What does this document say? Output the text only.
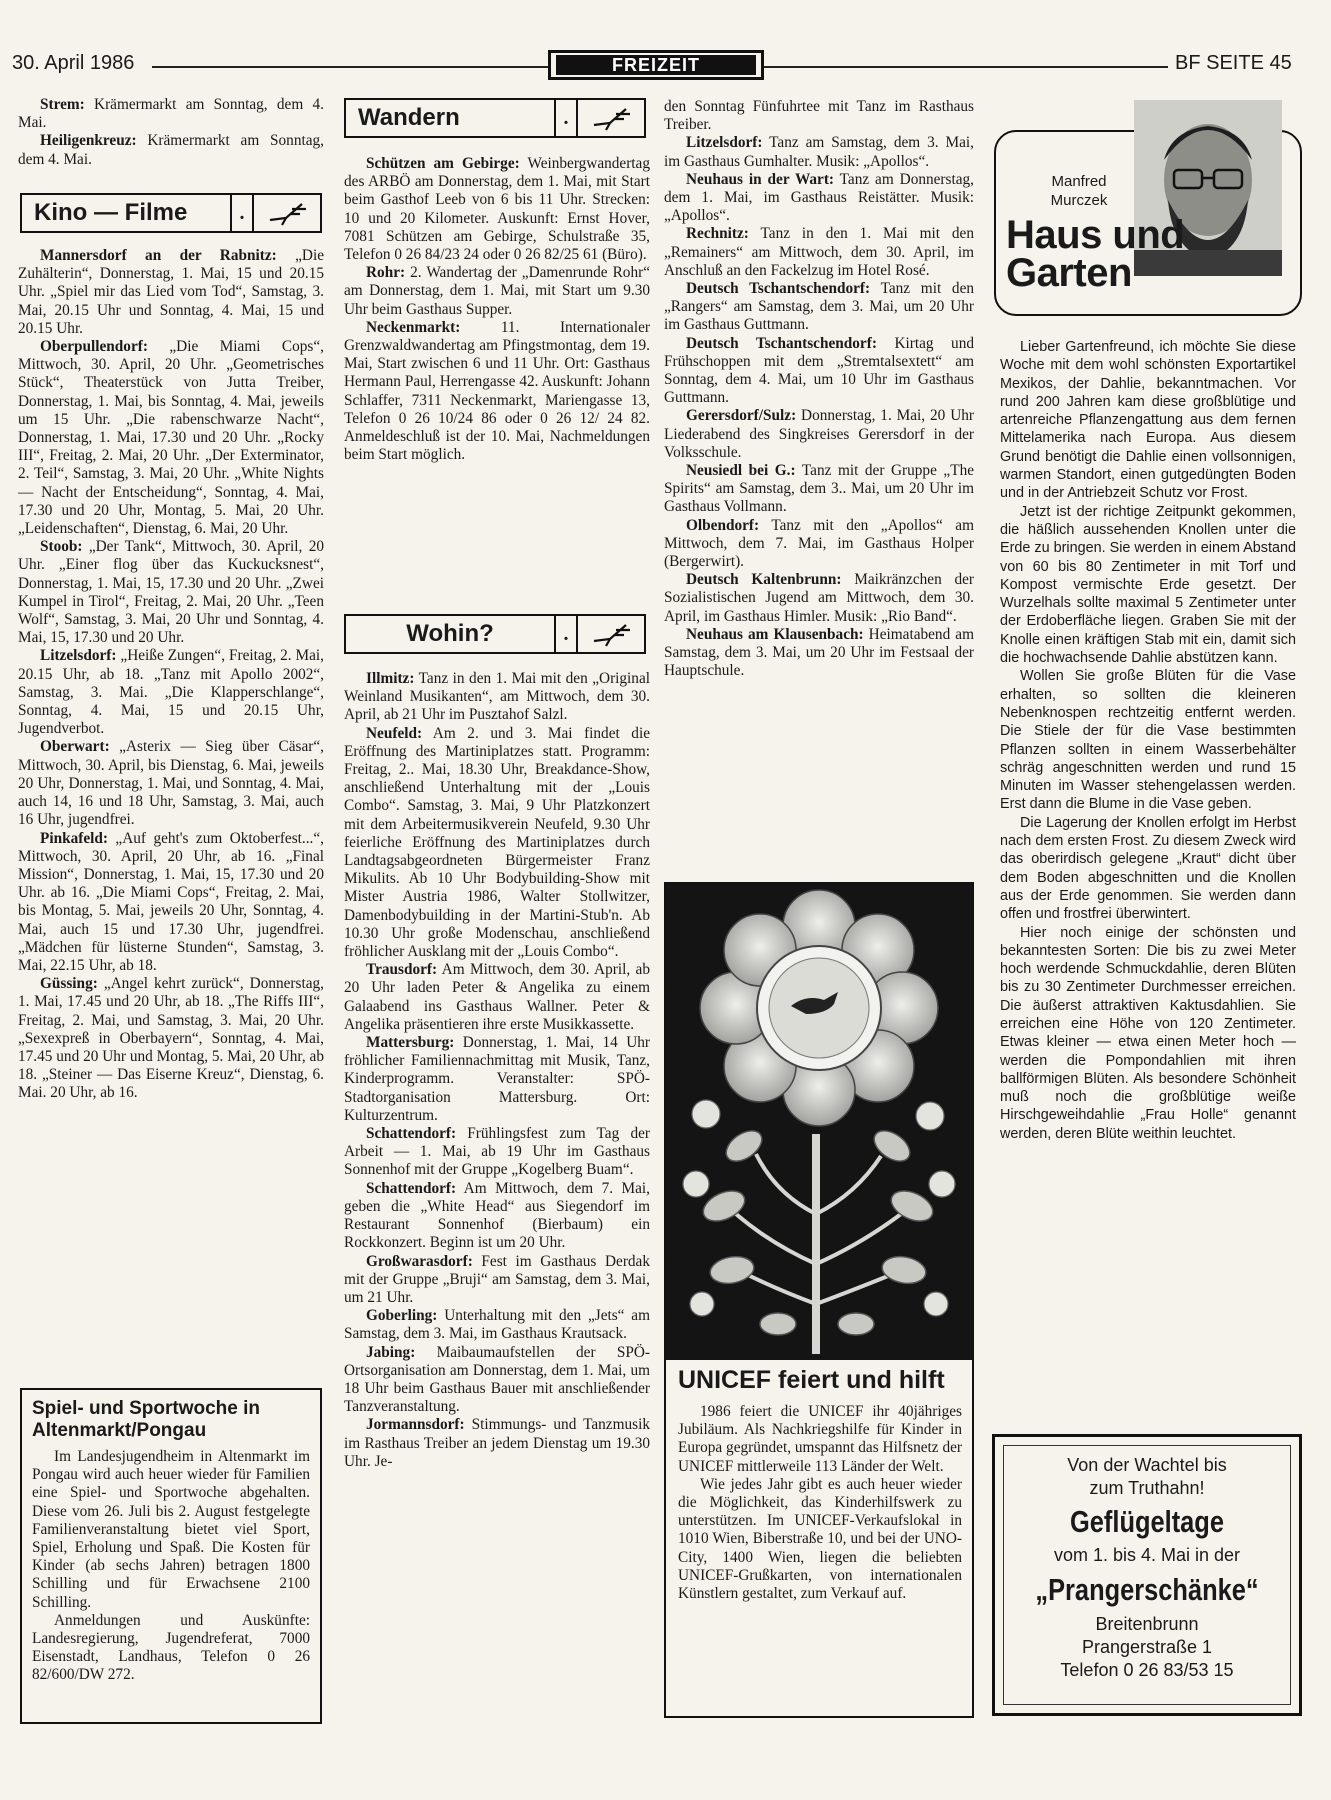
30. April 1986	FREIZEIT	BF SEITE 45

Strem: Krämermarkt am Sonntag, dem 4. Mai.

Heiligenkreuz: Krämermarkt am Sonntag, dem 4. Mai.

Kino — Filme	.

Mannersdorf an der Rabnitz: „Die Zuhälterin“, Donnerstag, 1. Mai, 15 und 20.15 Uhr. „Spiel mir das Lied vom Tod“, Samstag, 3. Mai, 20.15 Uhr und Sonntag, 4. Mai, 15 und 20.15 Uhr.

Oberpullendorf: „Die Miami Cops“, Mittwoch, 30. April, 20 Uhr. „Geometrisches Stück“, Theaterstück von Jutta Treiber, Donnerstag, 1. Mai, bis Sonntag, 4. Mai, jeweils um 15 Uhr. „Die rabenschwarze Nacht“, Donnerstag, 1. Mai, 17.30 und 20 Uhr. „Rocky III“, Freitag, 2. Mai, 20 Uhr. „Der Exterminator, 2. Teil“, Samstag, 3. Mai, 20 Uhr. „White Nights — Nacht der Entscheidung“, Sonntag, 4. Mai, 17.30 und 20 Uhr, Montag, 5. Mai, 20 Uhr. „Leidenschaften“, Dienstag, 6. Mai, 20 Uhr.

Stoob: „Der Tank“, Mittwoch, 30. April, 20 Uhr. „Einer flog über das Kuckucksnest“, Donnerstag, 1. Mai, 15, 17.30 und 20 Uhr. „Zwei Kumpel in Tirol“, Freitag, 2. Mai, 20 Uhr. „Teen Wolf“, Samstag, 3. Mai, 20 Uhr und Sonntag, 4. Mai, 15, 17.30 und 20 Uhr.

Litzelsdorf: „Heiße Zungen“, Freitag, 2. Mai, 20.15 Uhr, ab 18. „Tanz mit Apollo 2002“, Samstag, 3. Mai. „Die Klapperschlange“, Sonntag, 4. Mai, 15 und 20.15 Uhr, Jugendverbot.

Oberwart: „Asterix — Sieg über Cäsar“, Mittwoch, 30. April, bis Dienstag, 6. Mai, jeweils 20 Uhr, Donnerstag, 1. Mai, und Sonntag, 4. Mai, auch 14, 16 und 18 Uhr, Samstag, 3. Mai, auch 16 Uhr, jugendfrei.

Pinkafeld: „Auf geht's zum Oktoberfest...“, Mittwoch, 30. April, 20 Uhr, ab 16. „Final Mission“, Donnerstag, 1. Mai, 15, 17.30 und 20 Uhr. ab 16. „Die Miami Cops“, Freitag, 2. Mai, bis Montag, 5. Mai, jeweils 20 Uhr, Sonntag, 4. Mai, auch 15 und 17.30 Uhr, jugendfrei. „Mädchen für lüsterne Stunden“, Samstag, 3. Mai, 22.15 Uhr, ab 18.

Güssing: „Angel kehrt zurück“, Donnerstag, 1. Mai, 17.45 und 20 Uhr, ab 18. „The Riffs III“, Freitag, 2. Mai, und Samstag, 3. Mai, 20 Uhr. „Sexexpreß in Oberbayern“, Sonntag, 4. Mai, 17.45 und 20 Uhr und Montag, 5. Mai, 20 Uhr, ab 18. „Steiner — Das Eiserne Kreuz“, Dienstag, 6. Mai. 20 Uhr, ab 16.

Spiel- und Sportwoche in Altenmarkt/Pongau

Im Landesjugendheim in Altenmarkt im Pongau wird auch heuer wieder für Familien eine Spiel- und Sportwoche abgehalten. Diese vom 26. Juli bis 2. August festgelegte Familienveranstaltung bietet viel Sport, Spiel, Erholung und Spaß. Die Kosten für Kinder (ab sechs Jahren) betragen 1800 Schilling und für Erwachsene 2100 Schilling.

Anmeldungen und Auskünfte: Landesregierung, Jugendreferat, 7000 Eisenstadt, Landhaus, Telefon 0 26 82/600/DW 272.

Wandern	.

Schützen am Gebirge: Weinbergwandertag des ARBÖ am Donnerstag, dem 1. Mai, mit Start beim Gasthof Leeb von 6 bis 11 Uhr. Strecken: 10 und 20 Kilometer. Auskunft: Ernst Hover, 7081 Schützen am Gebirge, Schulstraße 35, Telefon 0 26 84/23 24 oder 0 26 82/25 61 (Büro).

Rohr: 2. Wandertag der „Damenrunde Rohr“ am Donnerstag, dem 1. Mai, mit Start um 9.30 Uhr beim Gasthaus Supper.

Neckenmarkt: 11. Internationaler Grenzwaldwandertag am Pfingstmontag, dem 19. Mai, Start zwischen 6 und 11 Uhr. Ort: Gasthaus Hermann Paul, Herrengasse 42. Auskunft: Johann Schlaffer, 7311 Neckenmarkt, Mariengasse 13, Telefon 0 26 10/24 86 oder 0 26 12/ 24 82. Anmeldeschluß ist der 10. Mai, Nachmeldungen beim Start möglich.

Wohin?	.

Illmitz: Tanz in den 1. Mai mit den „Original Weinland Musikanten“, am Mittwoch, dem 30. April, ab 21 Uhr im Pusztahof Salzl.

Neufeld: Am 2. und 3. Mai findet die Eröffnung des Martiniplatzes statt. Programm: Freitag, 2.. Mai, 18.30 Uhr, Breakdance-Show, anschließend Unterhaltung mit der „Louis Combo“. Samstag, 3. Mai, 9 Uhr Platzkonzert mit dem Arbeitermusikverein Neufeld, 9.30 Uhr feierliche Eröffnung des Martiniplatzes durch Landtagsabgeordneten Bürgermeister Franz Mikulits. Ab 10 Uhr Bodybuilding-Show mit Mister Austria 1986, Walter Stollwitzer, Damenbodybuilding in der Martini-Stub'n. Ab 10.30 Uhr große Modenschau, anschließend fröhlicher Ausklang mit der „Louis Combo“.

Trausdorf: Am Mittwoch, dem 30. April, ab 20 Uhr laden Peter & Angelika zu einem Galaabend ins Gasthaus Wallner. Peter & Angelika präsentieren ihre erste Musikkassette.

Mattersburg: Donnerstag, 1. Mai, 14 Uhr fröhlicher Familiennachmittag mit Musik, Tanz, Kinderprogramm. Veranstalter: SPÖ-Stadtorganisation Mattersburg. Ort: Kulturzentrum.

Schattendorf: Frühlingsfest zum Tag der Arbeit — 1. Mai, ab 19 Uhr im Gasthaus Sonnenhof mit der Gruppe „Kogelberg Buam“.

Schattendorf: Am Mittwoch, dem 7. Mai, geben die „White Head“ aus Siegendorf im Restaurant Sonnenhof (Bierbaum) ein Rockkonzert. Beginn ist um 20 Uhr.

Großwarasdorf: Fest im Gasthaus Derdak mit der Gruppe „Bruji“ am Samstag, dem 3. Mai, um 21 Uhr.

Goberling: Unterhaltung mit den „Jets“ am Samstag, dem 3. Mai, im Gasthaus Krautsack.

Jabing: Maibaumaufstellen der SPÖ-Ortsorganisation am Donnerstag, dem 1. Mai, um 18 Uhr beim Gasthaus Bauer mit anschließender Tanzveranstaltung.

Jormannsdorf: Stimmungs- und Tanzmusik im Rasthaus Treiber an jedem Dienstag um 19.30 Uhr. Je-

den Sonntag Fünfuhrtee mit Tanz im Rasthaus Treiber.

Litzelsdorf: Tanz am Samstag, dem 3. Mai, im Gasthaus Gumhalter. Musik: „Apollos“.

Neuhaus in der Wart: Tanz am Donnerstag, dem 1. Mai, im Gasthaus Reistätter. Musik: „Apollos“.

Rechnitz: Tanz in den 1. Mai mit den „Remainers“ am Mittwoch, dem 30. April, im Anschluß an den Fackelzug im Hotel Rosé.

Deutsch Tschantschendorf: Tanz mit den „Rangers“ am Samstag, dem 3. Mai, um 20 Uhr im Gasthaus Guttmann.

Deutsch Tschantschendorf: Kirtag und Frühschoppen mit dem „Stremtalsextett“ am Sonntag, dem 4. Mai, um 10 Uhr im Gasthaus Guttmann.

Gerersdorf/Sulz: Donnerstag, 1. Mai, 20 Uhr Liederabend des Singkreises Gerersdorf in der Volksschule.

Neusiedl bei G.: Tanz mit der Gruppe „The Spirits“ am Samstag, dem 3.. Mai, um 20 Uhr im Gasthaus Vollmann.

Olbendorf: Tanz mit den „Apollos“ am Mittwoch, dem 7. Mai, im Gasthaus Holper (Bergerwirt).

Deutsch Kaltenbrunn: Maikränzchen der Sozialistischen Jugend am Mittwoch, dem 30. April, im Gasthaus Himler. Musik: „Rio Band“.

Neuhaus am Klausenbach: Heimatabend am Samstag, dem 3. Mai, um 20 Uhr im Festsaal der Hauptschule.

UNICEF feiert und hilft

1986 feiert die UNICEF ihr 40jähriges Jubiläum. Als Nachkriegshilfe für Kinder in Europa gegründet, umspannt das Hilfsnetz der UNICEF mittlerweile 113 Länder der Welt.

Wie jedes Jahr gibt es auch heuer wieder die Möglichkeit, das Kinderhilfswerk zu unterstützen. Im UNICEF-Verkaufslokal in 1010 Wien, Biberstraße 10, und bei der UNO-City, 1400 Wien, liegen die beliebten UNICEF-Grußkarten, von internationalen Künstlern gestaltet, zum Verkauf auf.

Manfred Murczek
Haus und Garten

Lieber Gartenfreund, ich möchte Sie diese Woche mit dem wohl schönsten Exportartikel Mexikos, der Dahlie, bekanntmachen. Vor rund 200 Jahren kam diese großblütige und artenreiche Pflanzengattung aus dem fernen Mittelamerika nach Europa. Aus diesem Grund benötigt die Dahlie einen vollsonnigen, warmen Standort, einen gutgedüngten Boden und in der Antriebzeit Schutz vor Frost.

Jetzt ist der richtige Zeitpunkt gekommen, die häßlich aussehenden Knollen unter die Erde zu bringen. Sie werden in einem Abstand von 60 bis 80 Zentimeter in mit Torf und Kompost vermischte Erde gesetzt. Der Wurzelhals sollte maximal 5 Zentimeter unter der Erdoberfläche liegen. Graben Sie mit der Knolle einen kräftigen Stab mit ein, damit sich die hochwachsende Dahlie abstützen kann.

Wollen Sie große Blüten für die Vase erhalten, so sollten die kleineren Nebenknospen rechtzeitig entfernt werden. Die Stiele der für die Vase bestimmten Pflanzen sollten in einem Wasserbehälter schräg angeschnitten werden und rund 15 Minuten im Wasser stehengelassen werden. Erst dann die Blume in die Vase geben.

Die Lagerung der Knollen erfolgt im Herbst nach dem ersten Frost. Zu diesem Zweck wird das oberirdisch gelegene „Kraut“ dicht über dem Boden abgeschnitten und die Knollen aus der Erde genommen. Sie werden dann offen und frostfrei überwintert.

Hier noch einige der schönsten und bekanntesten Sorten: Die bis zu zwei Meter hoch werdende Schmuckdahlie, deren Blüten bis zu 30 Zentimeter Durchmesser erreichen. Die äußerst attraktiven Kaktusdahlien. Sie erreichen eine Höhe von 120 Zentimeter. Etwas kleiner — etwa einen Meter hoch — werden die Pompondahlien mit ihren ballförmigen Blüten. Als besondere Schönheit muß noch die großblütige weiße Hirschgeweihdahlie „Frau Holle“ genannt werden, deren Blüte weithin leuchtet.

Von der Wachtel bis

zum Truthahn!

Geflügeltage

vom 1. bis 4. Mai in der

„Prangerschänke“

Breitenbrunn

Prangerstraße 1

Telefon 0 26 83/53 15
